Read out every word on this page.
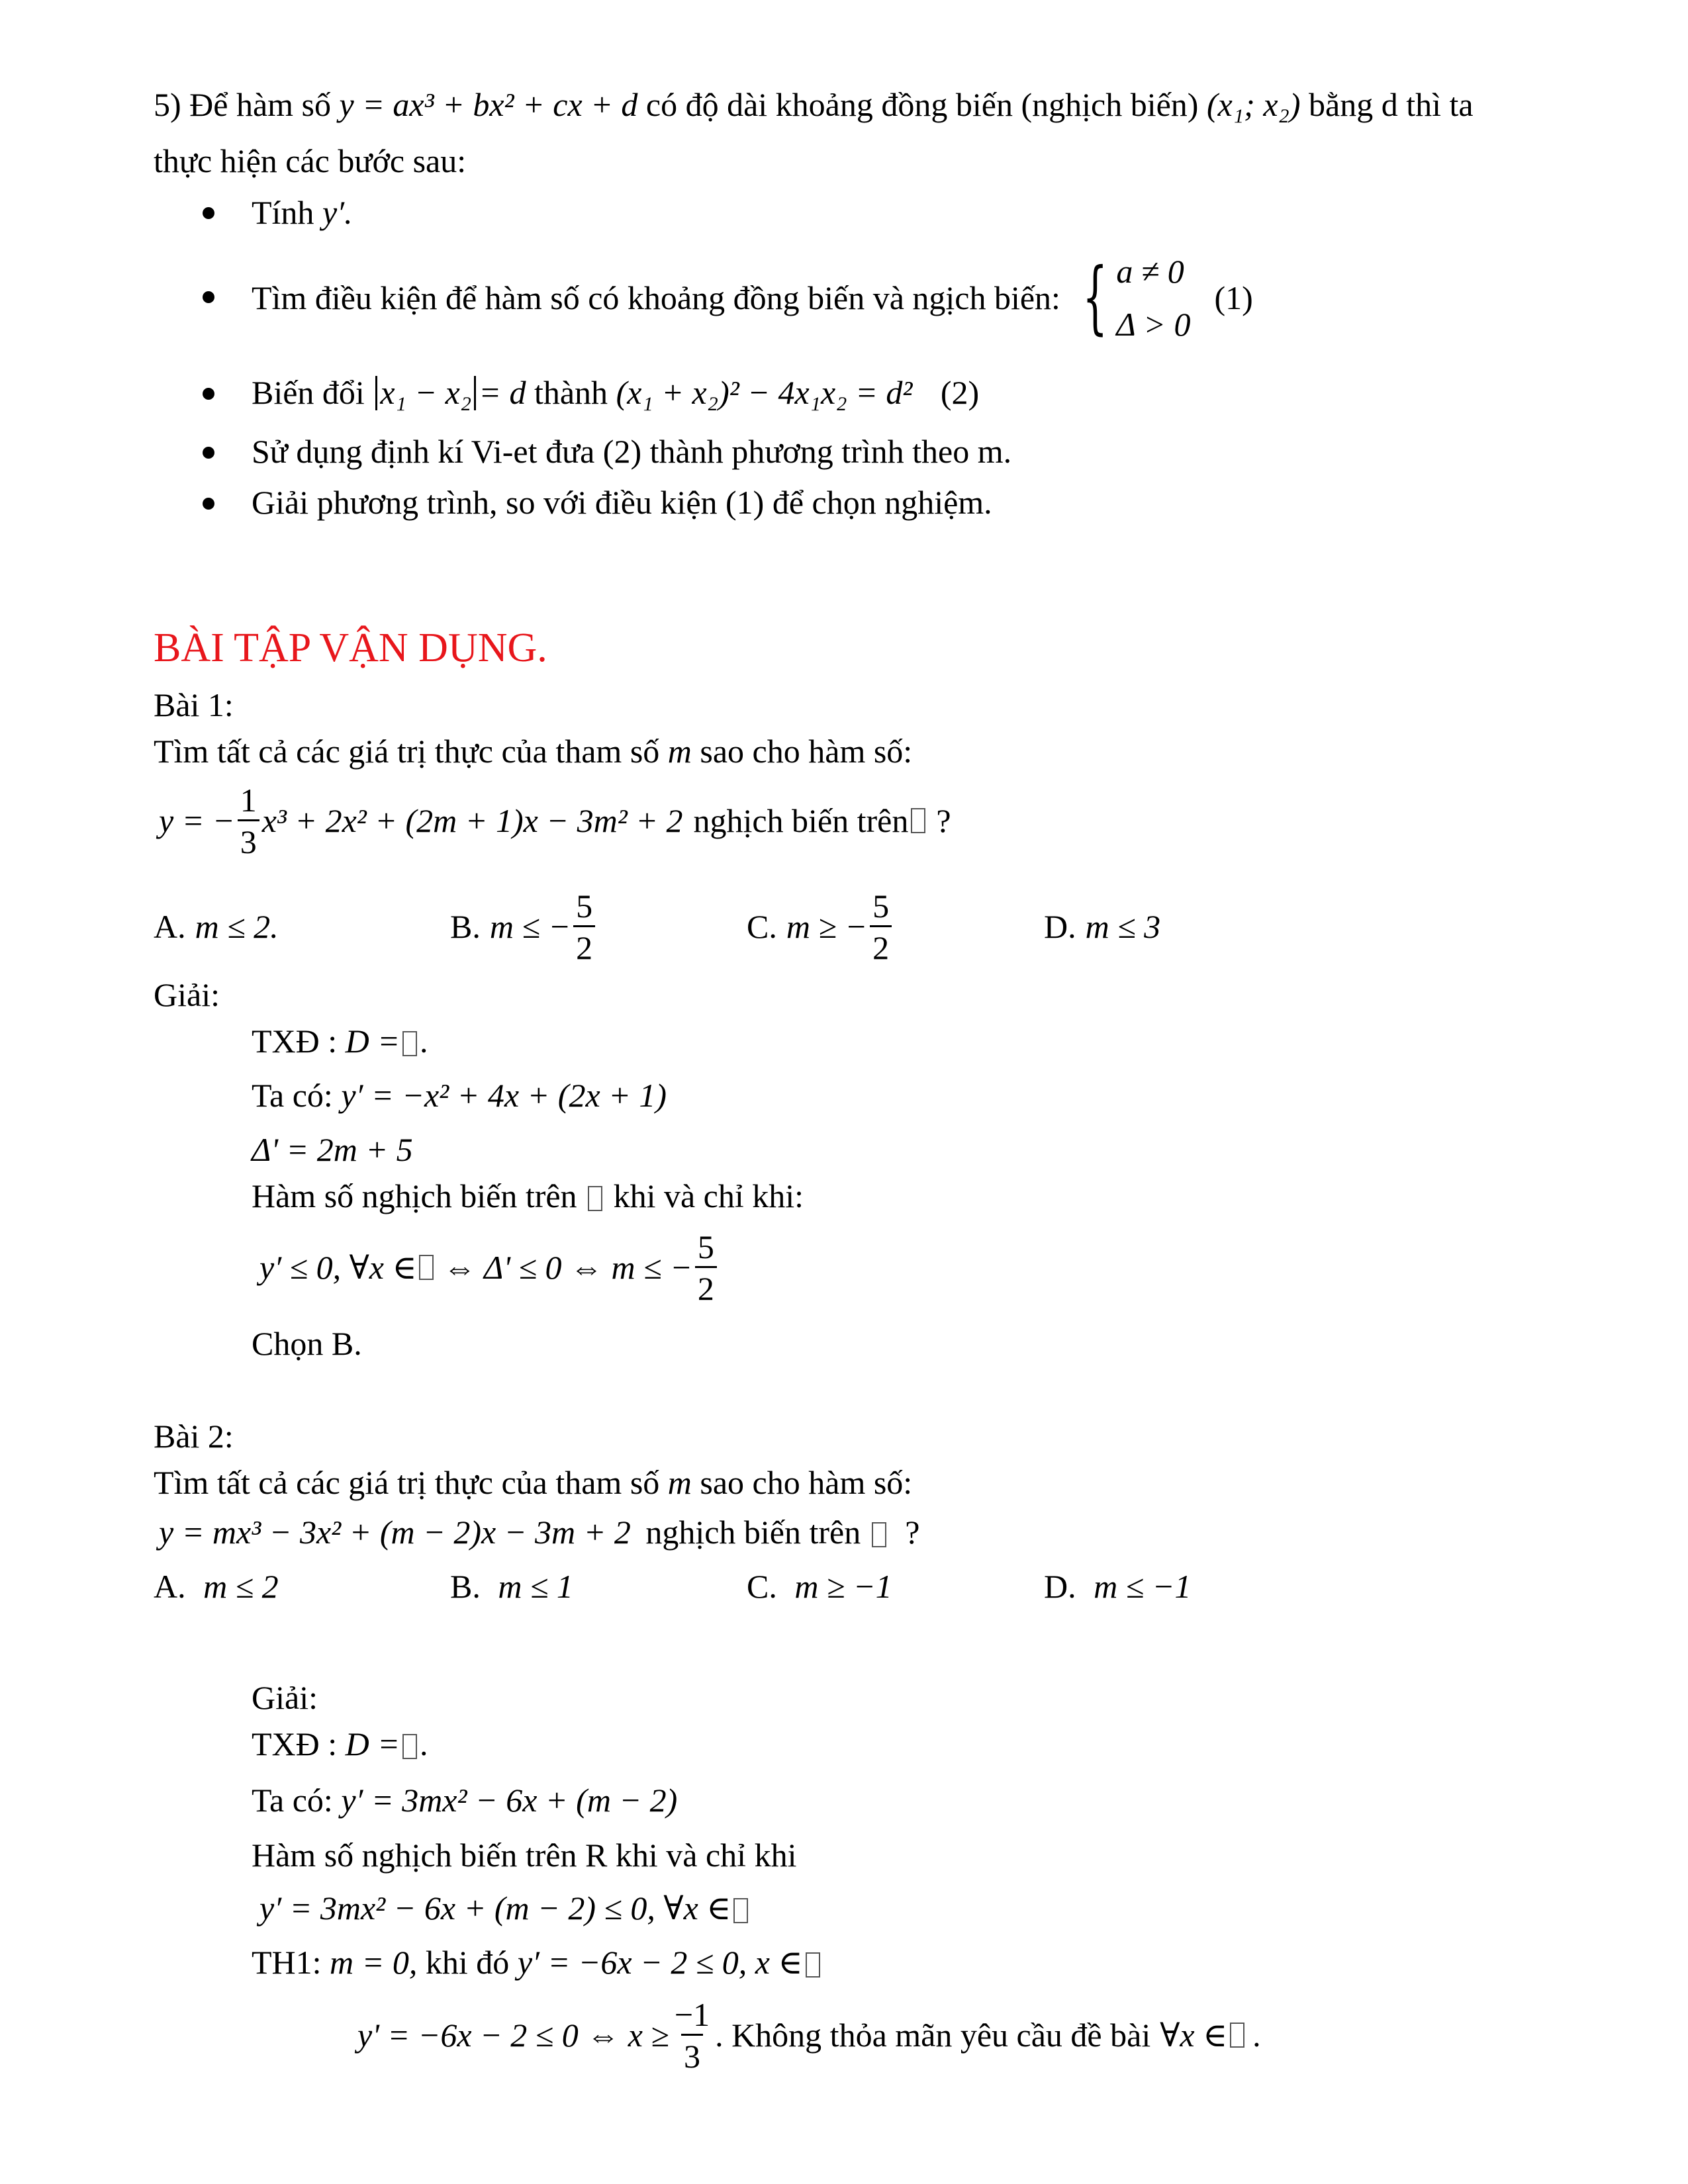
5) Để hàm số y = ax³ + bx² + cx + d có độ dài khoảng đồng biến (nghịch biến) (x₁; x₂) bằng d thì ta
thực hiện các bước sau:
Tính y′.
Tìm điều kiện để hàm số có khoảng đồng biến và ngịch biến: { a ≠ 0
Δ > 0
(1)
Biến đổi x₁ − x₂ = d thành (x₁ + x₂)² − 4x₁x₂ = d² (2)
Sử dụng định kí Vi-et đưa (2) thành phương trình theo m.
Giải phương trình, so với điều kiện (1) để chọn nghiệm.
BÀI TẬP VẬN DỤNG.
Bài 1:
Tìm tất cả các giá trị thực của tham số m sao cho hàm số:
y = − $\frac{1}{3} x^3 + 2x^2 + (2m + 1)x - 3m^2 + 2$ nghịch biến trên ?
A. m ≤ 2.	B. m ≤ − $\frac{5}{2}$	C. m ≥ − $\frac{5}{2}$	D. m ≤ 3
Giải:
TXĐ : D = .
Ta có: y′ = −x² + 4x + (2x + 1)
Δ' = 2m + 5
Hàm số nghịch biến trên khi và chỉ khi:
y′ ≤ 0, ∀x ∈ ⇔ Δ' ≤ 0 ⇔ m ≤ − $\frac{5}{2}$
Chọn B.
Bài 2:
Tìm tất cả các giá trị thực của tham số m sao cho hàm số:
y = mx³ − 3x² + (m − 2)x − 3m + 2 nghịch biến trên ?
A. m ≤ 2	B. m ≤ 1	C. m ≥ −1	D. m ≤ −1
Giải:
TXĐ : D = .
Ta có: y′ = 3mx² − 6x + (m − 2)
Hàm số nghịch biến trên R khi và chỉ khi
y′ = 3mx² − 6x + (m − 2) ≤ 0, ∀x ∈
TH1: m = 0, khi đó y′ = −6x − 2 ≤ 0, x ∈
y' = −6x − 2 ≤ 0 ⇔ $x \ge \frac{-1}{3}$ . Không thỏa mãn yêu cầu đề bài ∀x ∈ .
